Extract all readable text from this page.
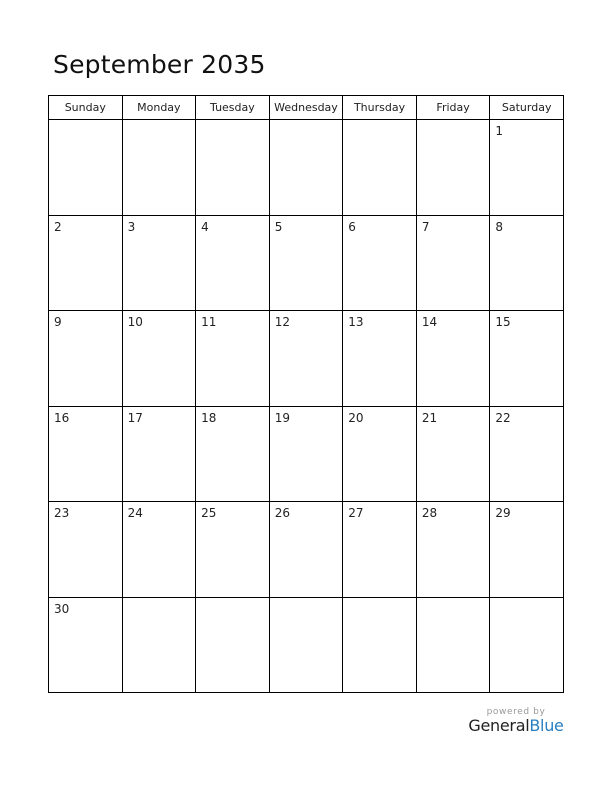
September 2035
Sunday	Monday	Tuesday	Wednesday	Thursday	Friday	Saturday

						1

2	3	4	5	6	7	8

9	10	11	12	13	14	15

16	17	18	19	20	21	22

23	24	25	26	27	28	29

30						

powered by
GeneralBlue
